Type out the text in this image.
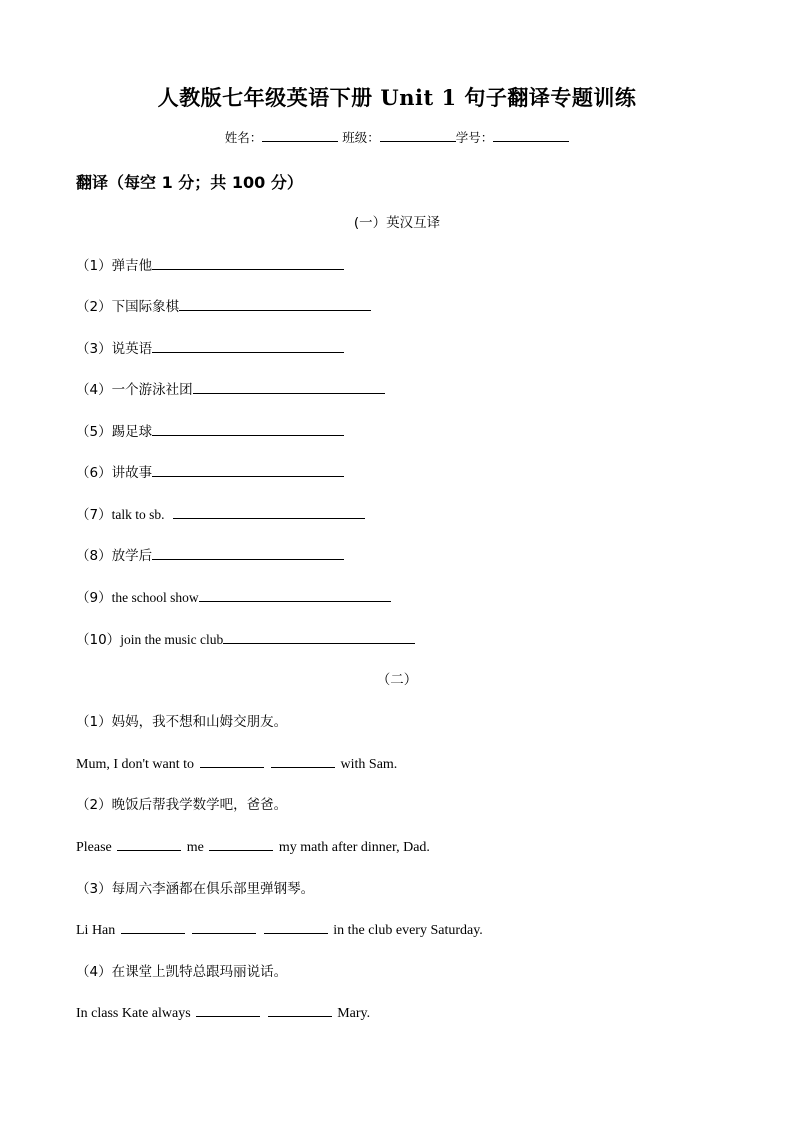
人教版七年级英语下册 Unit 1 句子翻译专题训练
姓名：	班级：	学号：
翻译（每空 1 分；共 100 分）
(一）英汉互译
（1）弹吉他
（2）下国际象棋
（3）说英语
（4）一个游泳社团
（5）踢足球
（6）讲故事
（7）talk to sb.
（8）放学后
（9）the school show
（10）join the music club
（二）
（1）妈妈，我不想和山姆交朋友。
Mum, I don't want to	with Sam.
（2）晚饭后帮我学数学吧，爸爸。
Please	me	my math after dinner, Dad.
（3）每周六李涵都在俱乐部里弹钢琴。
Li Han	in the club every Saturday.
（4）在课堂上凯特总跟玛丽说话。
In class Kate always	Mary.
